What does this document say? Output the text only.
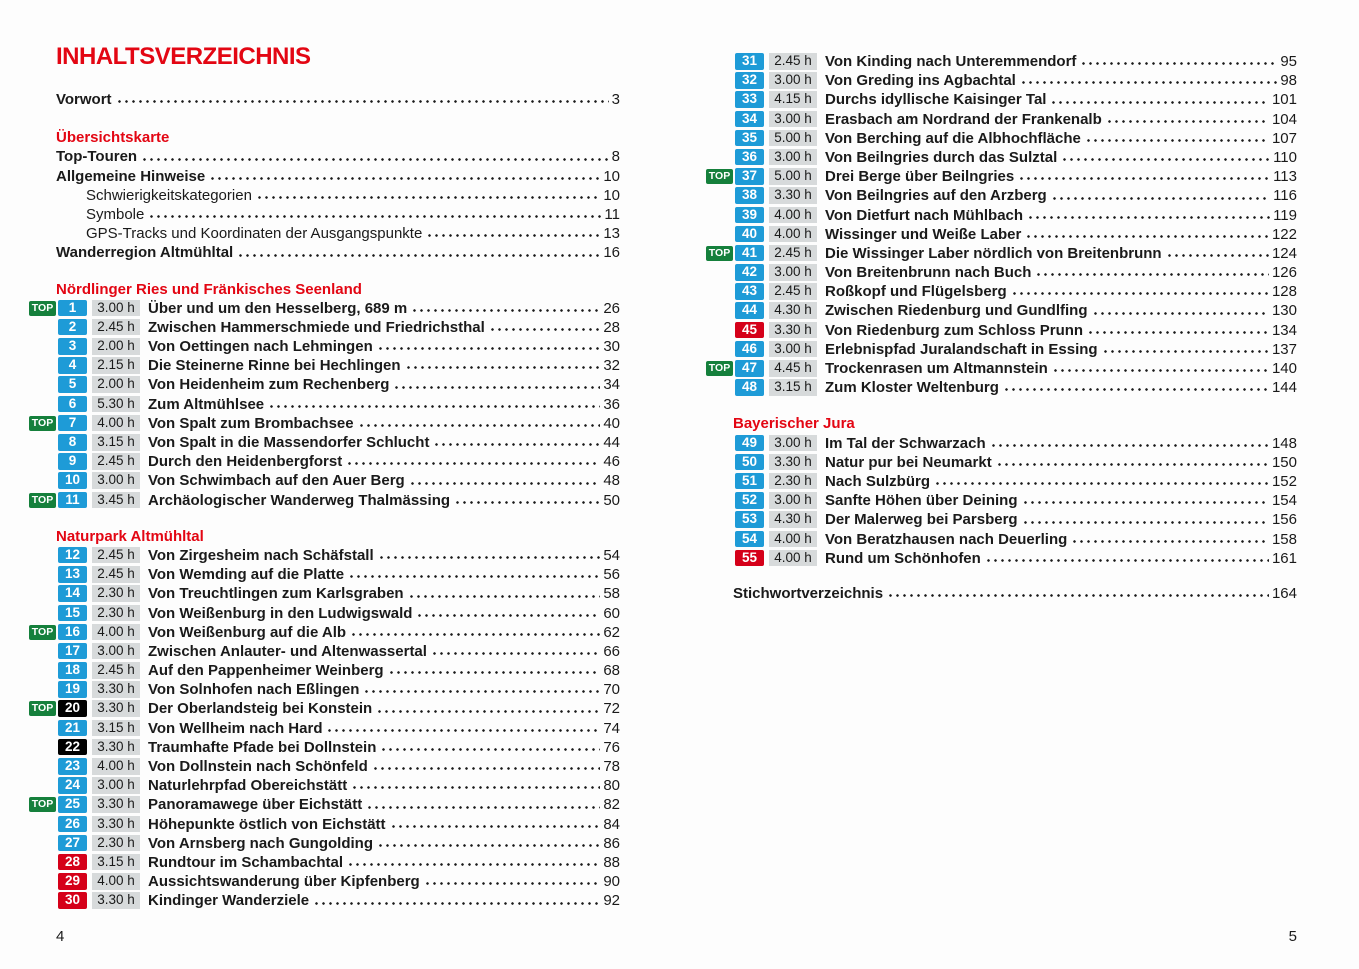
INHALTSVERZEICHNIS
Vorwort	3
Übersichtskarte
Top-Touren	8
Allgemeine Hinweise	10
Schwierigkeitskategorien	10
Symbole	11
GPS-Tracks und Koordinaten der Ausgangspunkte	13
Wanderregion Altmühltal	16
Nördlinger Ries und Fränkisches Seenland
TOP	1	3.00 h Über und um den Hesselberg, 689 m	26
2	2.45 h Zwischen Hammerschmiede und Friedrichsthal	28
3	2.00 h Von Oettingen nach Lehmingen	30
4	2.15 h Die Steinerne Rinne bei Hechlingen	32
5	2.00 h Von Heidenheim zum Rechenberg	34
6	5.30 h Zum Altmühlsee	36
TOP	7	4.00 h Von Spalt zum Brombachsee	40
8	3.15 h Von Spalt in die Massendorfer Schlucht	44
9	2.45 h Durch den Heidenbergforst	46
10	3.00 h Von Schwimbach auf den Auer Berg	48
TOP 11	3.45 h Archäologischer Wanderweg Thalmässing	50
Naturpark Altmühltal
12	2.45 h Von Zirgesheim nach Schäfstall	54
13	2.45 h Von Wemding auf die Platte	56
14	2.30 h Von Treuchtlingen zum Karlsgraben	58
15	2.30 h Von Weißenburg in den Ludwigswald	60
TOP 16	4.00 h Von Weißenburg auf die Alb	62
17	3.00 h Zwischen Anlauter- und Altenwassertal	66
18	2.45 h Auf den Pappenheimer Weinberg	68
19	3.30 h Von Solnhofen nach Eßlingen	70
TOP 20	3.30 h Der Oberlandsteig bei Konstein	72
21	3.15 h Von Wellheim nach Hard	74
22	3.30 h Traumhafte Pfade bei Dollnstein	76
23	4.00 h Von Dollnstein nach Schönfeld	78
24	3.00 h Naturlehrpfad Obereichstätt	80
TOP 25	3.30 h Panoramawege über Eichstätt	82
26	3.30 h Höhepunkte östlich von Eichstätt	84
27	2.30 h Von Arnsberg nach Gungolding	86
28	3.15 h Rundtour im Schambachtal	88
29	4.00 h Aussichtswanderung über Kipfenberg	90
30	3.30 h Kindinger Wanderziele	92
31	2.45 h Von Kinding nach Unteremmendorf	95
32	3.00 h Von Greding ins Agbachtal	98
33	4.15 h Durchs idyllische Kaisinger Tal	101
34	3.00 h Erasbach am Nordrand der Frankenalb	104
35	5.00 h Von Berching auf die Albhochfläche	107
36	3.00 h Von Beilngries durch das Sulztal	110
TOP 37	5.00 h Drei Berge über Beilngries	113
38	3.30 h Von Beilngries auf den Arzberg	116
39	4.00 h Von Dietfurt nach Mühlbach	119
40	4.00 h Wissinger und Weiße Laber	122
TOP 41	2.45 h Die Wissinger Laber nördlich von Breitenbrunn	124
42	3.00 h Von Breitenbrunn nach Buch	126
43	2.45 h Roßkopf und Flügelsberg	128
44	4.30 h Zwischen Riedenburg und Gundlfing	130
45	3.30 h Von Riedenburg zum Schloss Prunn	134
46	3.00 h Erlebnispfad Juralandschaft in Essing	137
TOP 47	4.45 h Trockenrasen um Altmannstein	140
48	3.15 h Zum Kloster Weltenburg	144
Bayerischer Jura
49	3.00 h Im Tal der Schwarzach	148
50	3.30 h Natur pur bei Neumarkt	150
51	2.30 h Nach Sulzbürg	152
52	3.00 h Sanfte Höhen über Deining	154
53	4.30 h Der Malerweg bei Parsberg	156
54	4.00 h Von Beratzhausen nach Deuerling	158
55	4.00 h Rund um Schönhofen	161
Stichwortverzeichnis	164
4	5
